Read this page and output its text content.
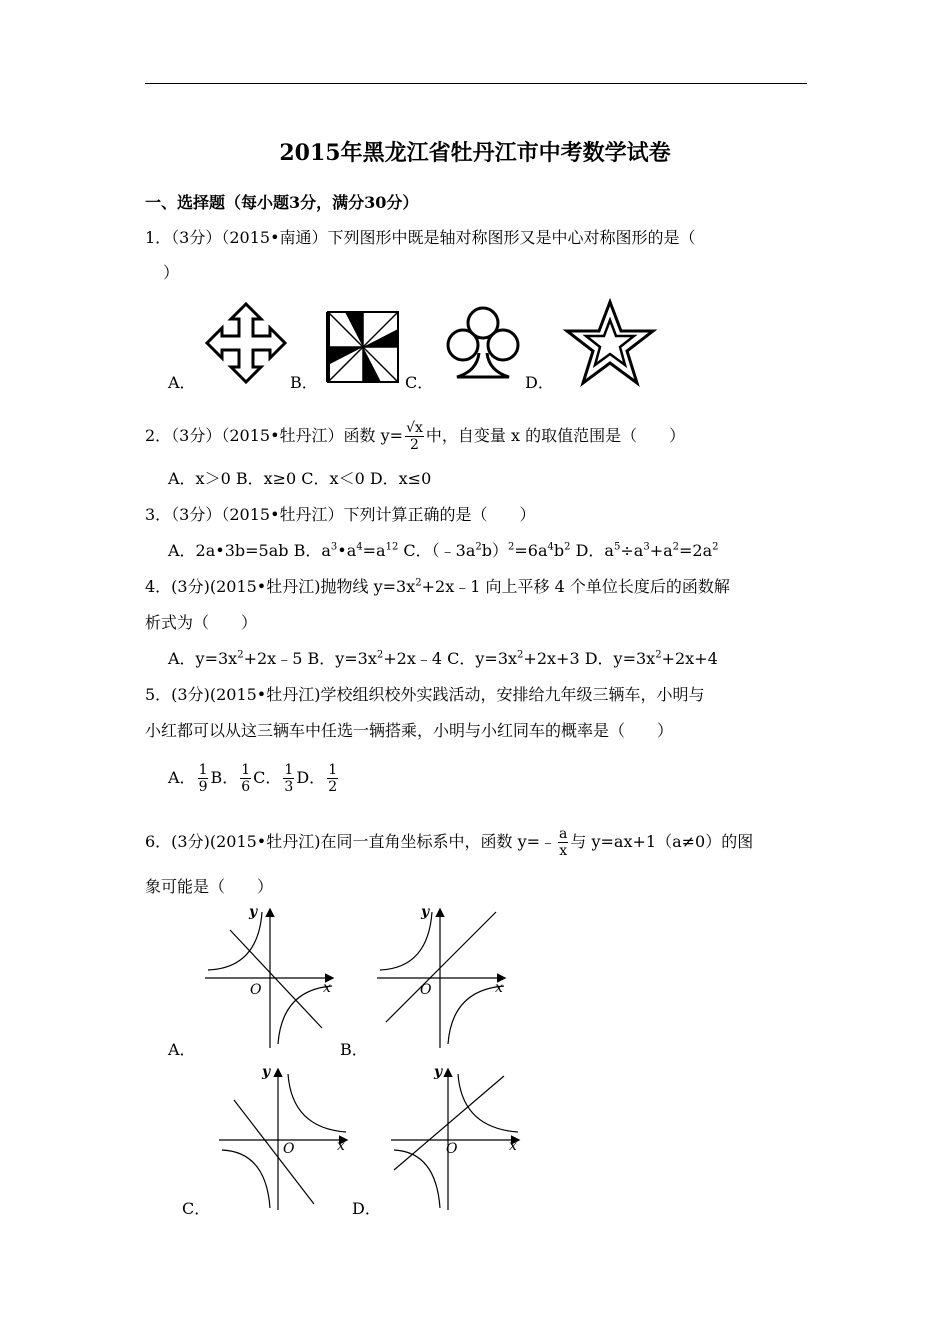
2015年黑龙江省牡丹江市中考数学试卷
一、选择题（每小题3分，满分30分）
1．（3分）（2015•南通）下列图形中既是轴对称图形又是中心对称图形的是（
）
A．	B．	C．	D．
2．（3分）（2015•牡丹江）函数 $y= \frac{√x}{2}$ 中，自变量 x 的取值范围是（　　）
A．x＞0 B．x≥0 C．x＜0 D．x≤0
3．（3分）（2015•牡丹江）下列计算正确的是（　　）
A．2a•3b=5ab B．$a^3•a^4=a^{12}$ C．$(﹣3a^2b)^2=6a^4b^2$ D．$a^5\div a^3+a^2=2a^2$
4．(3分)(2015•牡丹江)抛物线 $y=3x^2+2x﹣1$ 向上平移 4 个单位长度后的函数解
析式为（　　）
A．$y=3x^2+2x﹣5$ B．$y=3x^2+2x﹣4$ C．$y=3x^2+2x+3$ D．$y=3x^2+2x+4$
5．(3分)(2015•牡丹江)学校组织校外实践活动，安排给九年级三辆车，小明与
小红都可以从这三辆车中任选一辆搭乘，小明与小红同车的概率是（　　）
A． $\frac{1}{9}$ B． $\frac{1}{6}$ C． $\frac{1}{3}$ D． $\frac{1}{2}$
6．(3分)(2015•牡丹江)在同一直角坐标系中，函数 y=﹣ $\frac{a}{x}$ 与 y=ax+1（a≠0）的图
象可能是（　　）
A．	B．
C．	D．
y
x
O
y
x
O
y
x
O
y
x
O
